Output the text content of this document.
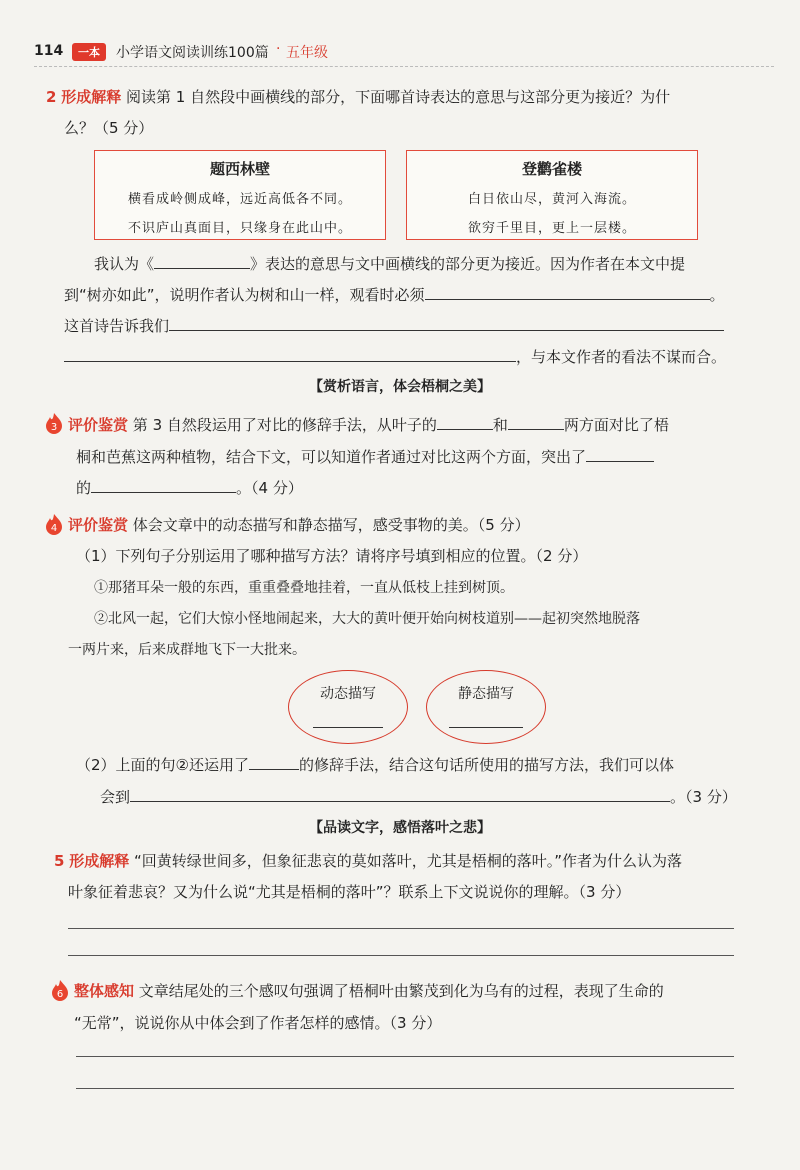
114	一本	小学语文阅读训练100篇 · 五年级
2 形成解释 阅读第 1 自然段中画横线的部分，下面哪首诗表达的意思与这部分更为接近？为什
么？（5 分）
题西林壁
横看成岭侧成峰，远近高低各不同。
不识庐山真面目，只缘身在此山中。
登鹳雀楼
白日依山尽，黄河入海流。
欲穷千里目，更上一层楼。
我认为《	》表达的意思与文中画横线的部分更为接近。因为作者在本文中提
到“树亦如此”，说明作者认为树和山一样，观看时必须	。
这首诗告诉我们
，与本文作者的看法不谋而合。
【赏析语言，体会梧桐之美】
3 评价鉴赏 第 3 自然段运用了对比的修辞手法，从叶子的	和	两方面对比了梧
桐和芭蕉这两种植物，结合下文，可以知道作者通过对比这两个方面，突出了
的	。（4 分）
4 评价鉴赏 体会文章中的动态描写和静态描写，感受事物的美。（5 分）
（1）下列句子分别运用了哪种描写方法？请将序号填到相应的位置。（2 分）
①那猪耳朵一般的东西，重重叠叠地挂着，一直从低枝上挂到树顶。
②北风一起，它们大惊小怪地闹起来，大大的黄叶便开始向树枝道别——起初突然地脱落
一两片来，后来成群地飞下一大批来。
动态描写	静态描写
（2）上面的句②还运用了	的修辞手法，结合这句话所使用的描写方法，我们可以体
会到	。（3 分）
【品读文字，感悟落叶之悲】
5 形成解释 “回黄转绿世间多，但象征悲哀的莫如落叶，尤其是梧桐的落叶。”作者为什么认为落
叶象征着悲哀？又为什么说“尤其是梧桐的落叶”？联系上下文说说你的理解。（3 分）
6 整体感知 文章结尾处的三个感叹句强调了梧桐叶由繁茂到化为乌有的过程，表现了生命的
“无常”，说说你从中体会到了作者怎样的感情。（3 分）
